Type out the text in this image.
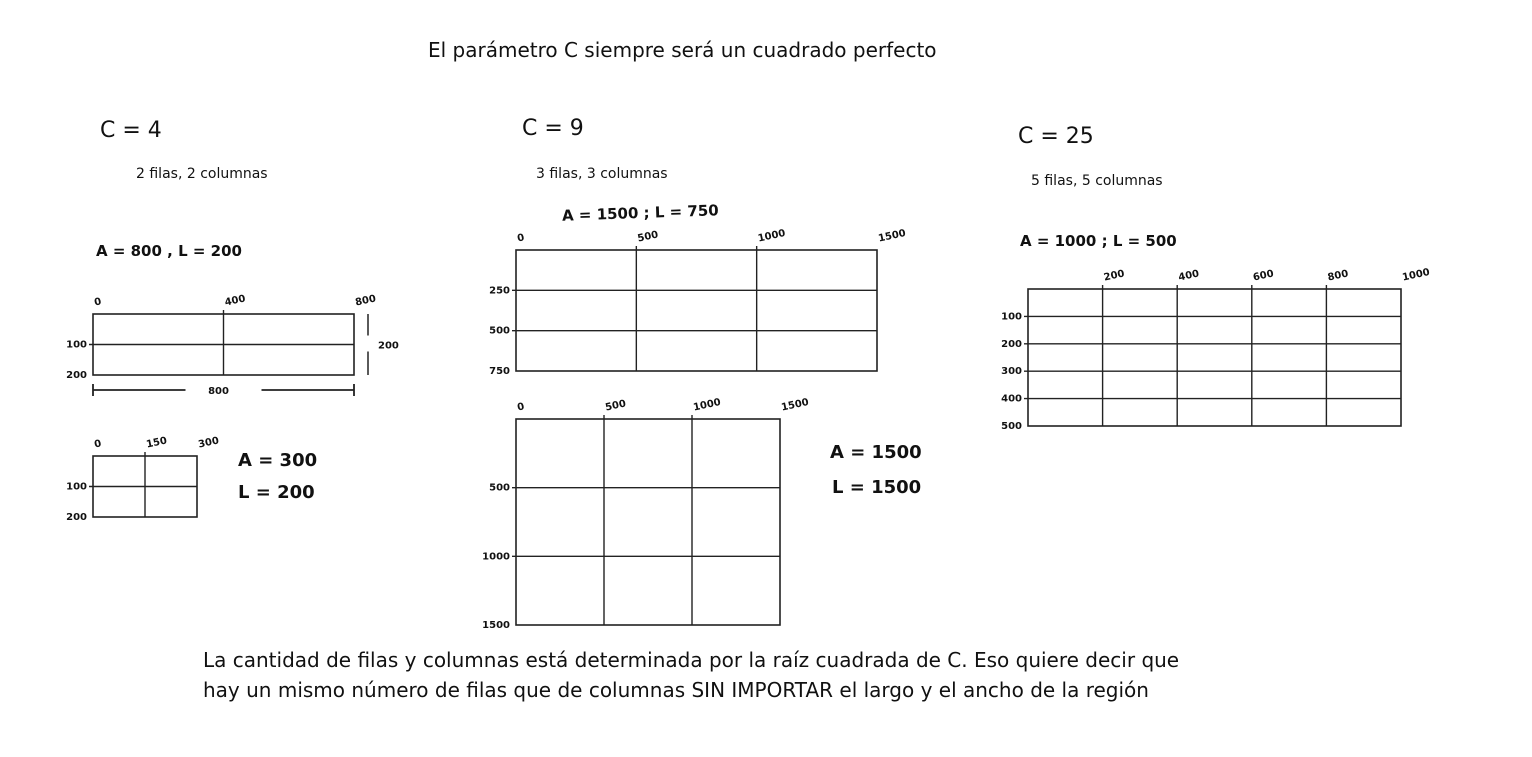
El parámetro C siempre será un cuadrado perfecto
C = 4
2 filas, 2 columnas
A = 800 , L = 200
A = 300
L = 200
C = 9
3 filas, 3 columnas
A = 1500 ; L = 750
A = 1500
L = 1500
C = 25
5 filas, 5 columnas
A = 1000 ; L = 500
La cantidad de filas y columnas está determinada por la raíz cuadrada de C. Eso quiere decir que
hay un mismo número de filas que de columnas SIN IMPORTAR el largo y el ancho de la región
0	400	800
100
200
200
800
0	150	300
100
200
0	500	1000	1500
250
500
750
0	500	1000	1500
500
1000
1500
200	400	600	800	1000
100
200
300
400
500
